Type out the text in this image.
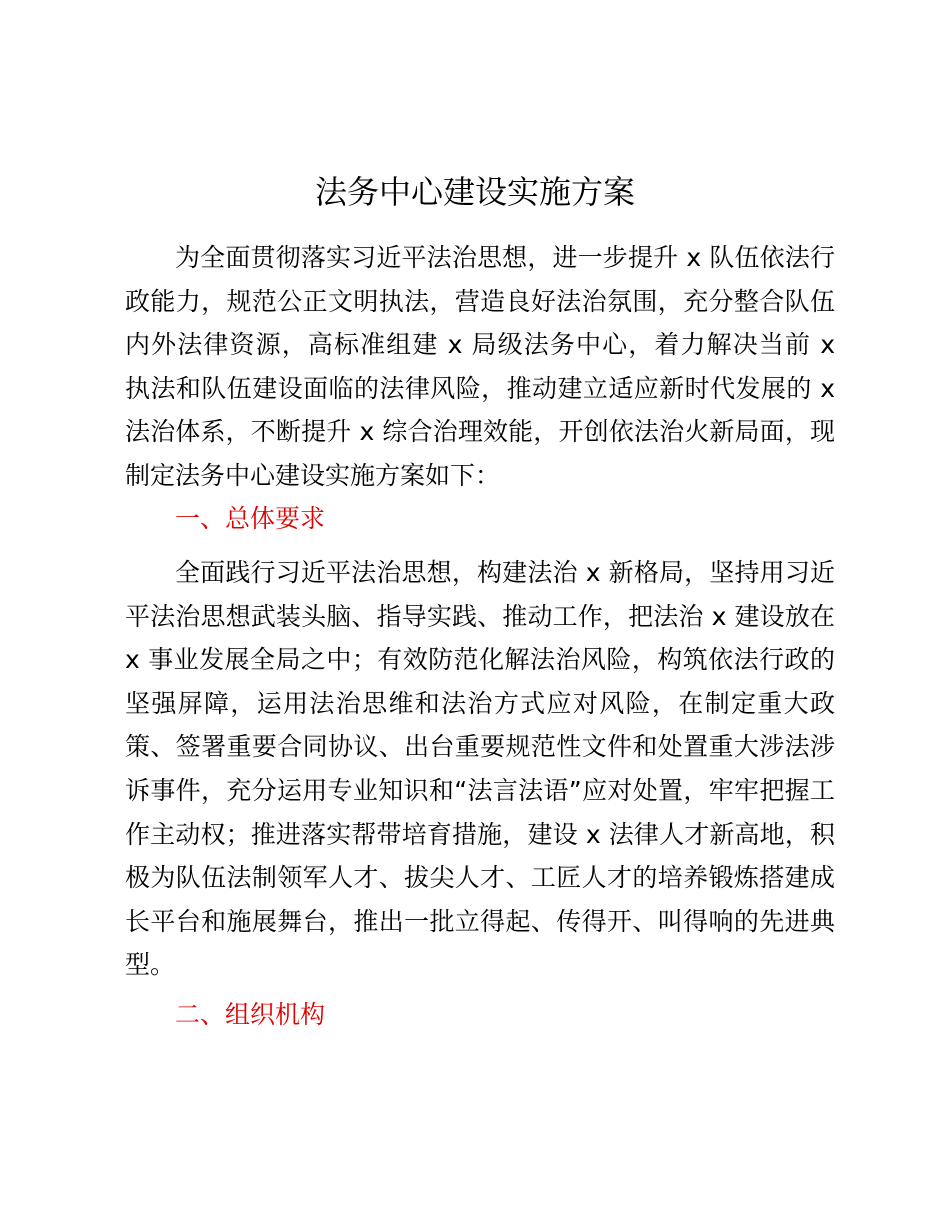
法务中心建设实施方案

为全面贯彻落实习近平法治思想，进一步提升 x 队伍依法行政能力，规范公正文明执法，营造良好法治氛围，充分整合队伍内外法律资源，高标准组建 x 局级法务中心，着力解决当前 x 执法和队伍建设面临的法律风险，推动建立适应新时代发展的 x 法治体系，不断提升 x 综合治理效能，开创依法治火新局面，现制定法务中心建设实施方案如下：

一、总体要求

全面践行习近平法治思想，构建法治 x 新格局，坚持用习近平法治思想武装头脑、指导实践、推动工作，把法治 x 建设放在 x 事业发展全局之中；有效防范化解法治风险，构筑依法行政的坚强屏障，运用法治思维和法治方式应对风险，在制定重大政策、签署重要合同协议、出台重要规范性文件和处置重大涉法涉诉事件，充分运用专业知识和“法言法语”应对处置，牢牢把握工作主动权；推进落实帮带培育措施，建设 x 法律人才新高地，积极为队伍法制领军人才、拔尖人才、工匠人才的培养锻炼搭建成长平台和施展舞台，推出一批立得起、传得开、叫得响的先进典型。

二、组织机构
